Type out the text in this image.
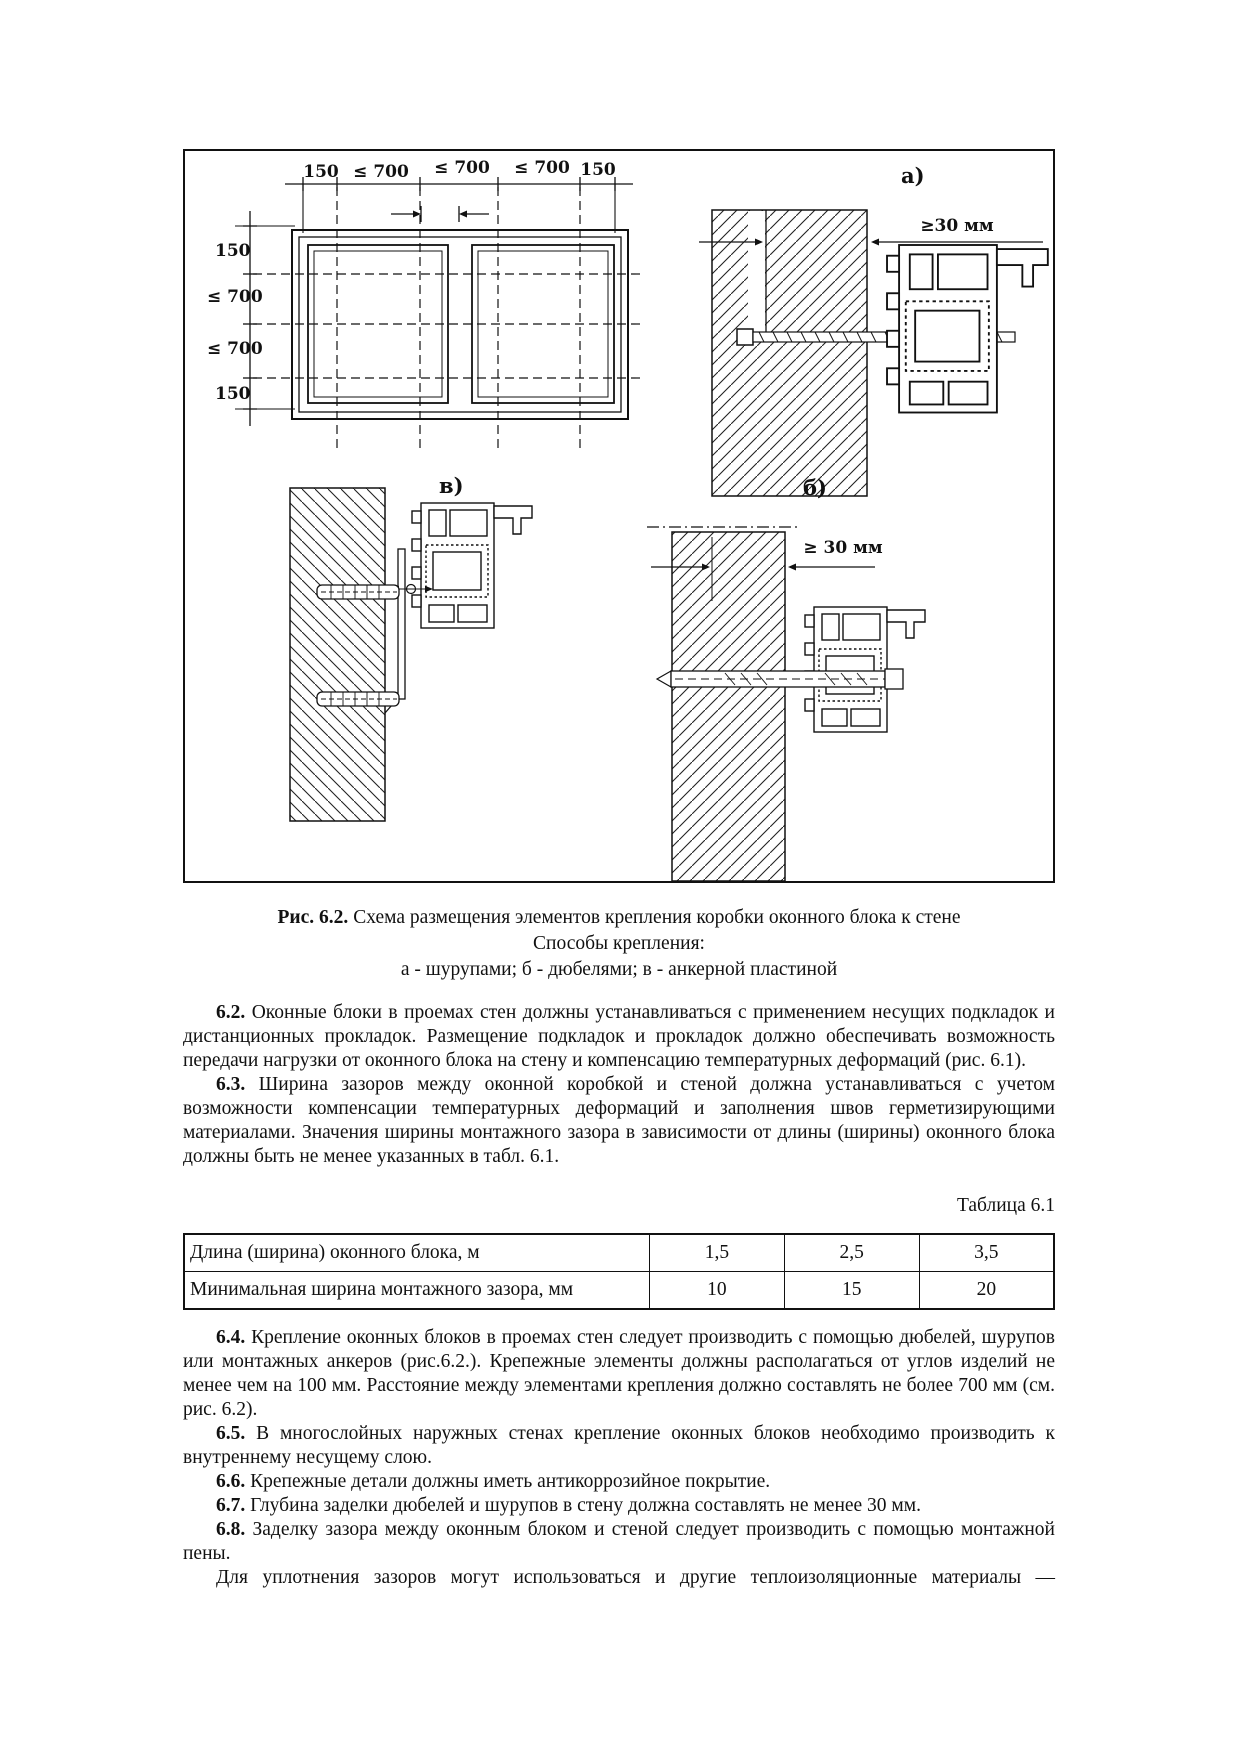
150 ≤ 700 ≤ 700 ≤ 700 150
150
≤ 700
≤ 700
150
а)
≥30 мм
в)	б)
≥ 30 мм
Рис. 6.2. Схема размещения элементов крепления коробки оконного блока к стене
Способы крепления:
а - шурупами; б - дюбелями; в - анкерной пластиной

6.2. Оконные блоки в проемах стен должны устанавливаться с применением несущих подкладок и дистанционных прокладок. Размещение подкладок и прокладок должно обеспечивать возможность передачи нагрузки от оконного блока на стену и компенсацию температурных деформаций (рис. 6.1).

6.3. Ширина зазоров между оконной коробкой и стеной должна устанавливаться с учетом возможности компенсации температурных деформаций и заполнения швов герметизирующими материалами. Значения ширины монтажного зазора в зависимости от длины (ширины) оконного блока должны быть не менее указанных в табл. 6.1.

Таблица 6.1
Длина (ширина) оконного блока, м	1,5	2,5	3,5
Минимальная ширина монтажного зазора, мм	10	15	20

6.4. Крепление оконных блоков в проемах стен следует производить с помощью дюбелей, шурупов или монтажных анкеров (рис.6.2.). Крепежные элементы должны располагаться от углов изделий не менее чем на 100 мм. Расстояние между элементами крепления должно составлять не более 700 мм (см. рис. 6.2).

6.5. В многослойных наружных стенах крепление оконных блоков необходимо производить к внутреннему несущему слою.

6.6. Крепежные детали должны иметь антикоррозийное покрытие.

6.7. Глубина заделки дюбелей и шурупов в стену должна составлять не менее 30 мм.

6.8. Заделку зазора между оконным блоком и стеной следует производить с помощью монтажной пены.

Для уплотнения зазоров могут использоваться и другие теплоизоляционные материалы —
